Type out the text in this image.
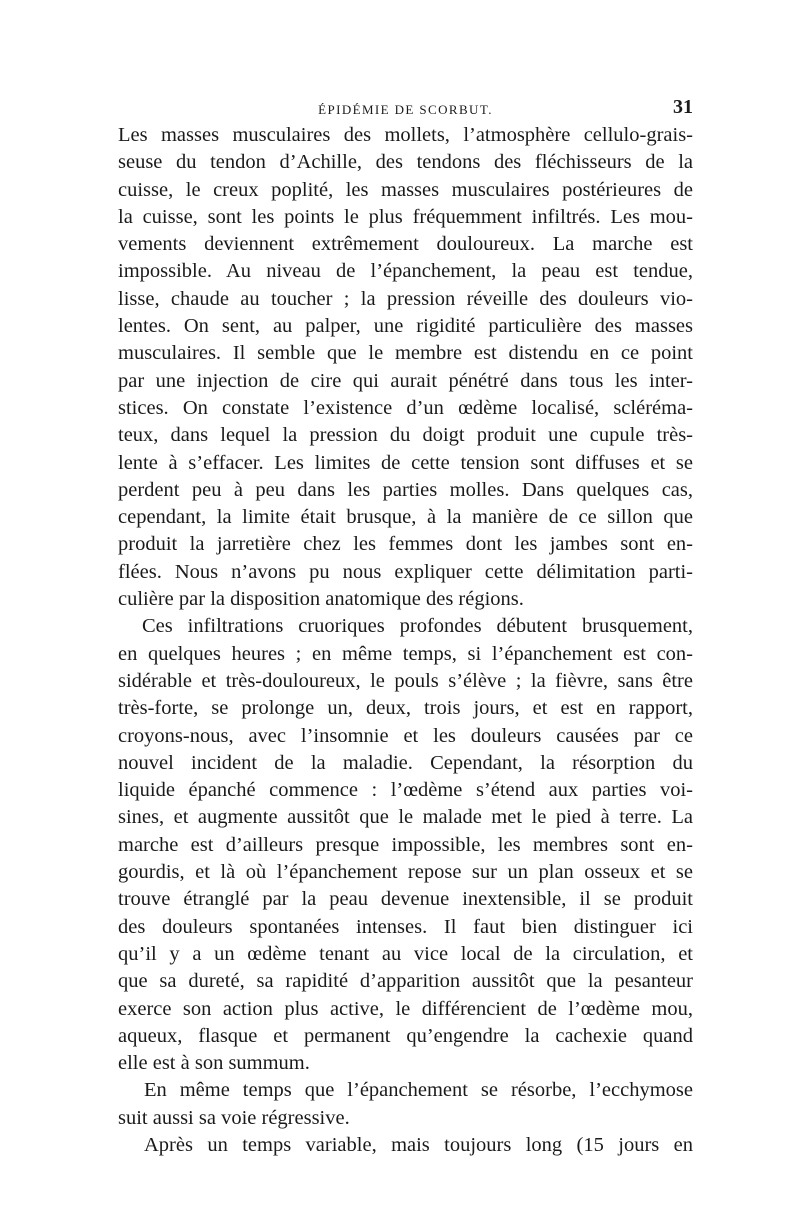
ÉPIDÉMIE DE SCORBUT.	31
Les masses musculaires des mollets, l’atmosphère cellulo-grais-
seuse du tendon d’Achille, des tendons des fléchisseurs de la
cuisse, le creux poplité, les masses musculaires postérieures de
la cuisse, sont les points le plus fréquemment infiltrés. Les mou-
vements deviennent extrêmement douloureux. La marche est
impossible. Au niveau de l’épanchement, la peau est tendue,
lisse, chaude au toucher ; la pression réveille des douleurs vio-
lentes. On sent, au palper, une rigidité particulière des masses
musculaires. Il semble que le membre est distendu en ce point
par une injection de cire qui aurait pénétré dans tous les inter-
stices. On constate l’existence d’un œdème localisé, scléréma-
teux, dans lequel la pression du doigt produit une cupule très-
lente à s’effacer. Les limites de cette tension sont diffuses et se
perdent peu à peu dans les parties molles. Dans quelques cas,
cependant, la limite était brusque, à la manière de ce sillon que
produit la jarretière chez les femmes dont les jambes sont en-
flées. Nous n’avons pu nous expliquer cette délimitation parti-
culière par la disposition anatomique des régions.
Ces infiltrations cruoriques profondes débutent brusquement,
en quelques heures ; en même temps, si l’épanchement est con-
sidérable et très-douloureux, le pouls s’élève ; la fièvre, sans être
très-forte, se prolonge un, deux, trois jours, et est en rapport,
croyons-nous, avec l’insomnie et les douleurs causées par ce
nouvel incident de la maladie. Cependant, la résorption du
liquide épanché commence : l’œdème s’étend aux parties voi-
sines, et augmente aussitôt que le malade met le pied à terre. La
marche est d’ailleurs presque impossible, les membres sont en-
gourdis, et là où l’épanchement repose sur un plan osseux et se
trouve étranglé par la peau devenue inextensible, il se produit
des douleurs spontanées intenses. Il faut bien distinguer ici
qu’il y a un œdème tenant au vice local de la circulation, et
que sa dureté, sa rapidité d’apparition aussitôt que la pesanteur
exerce son action plus active, le différencient de l’œdème mou,
aqueux, flasque et permanent qu’engendre la cachexie quand
elle est à son summum.
En même temps que l’épanchement se résorbe, l’ecchymose
suit aussi sa voie régressive.
Après un temps variable, mais toujours long (15 jours en
